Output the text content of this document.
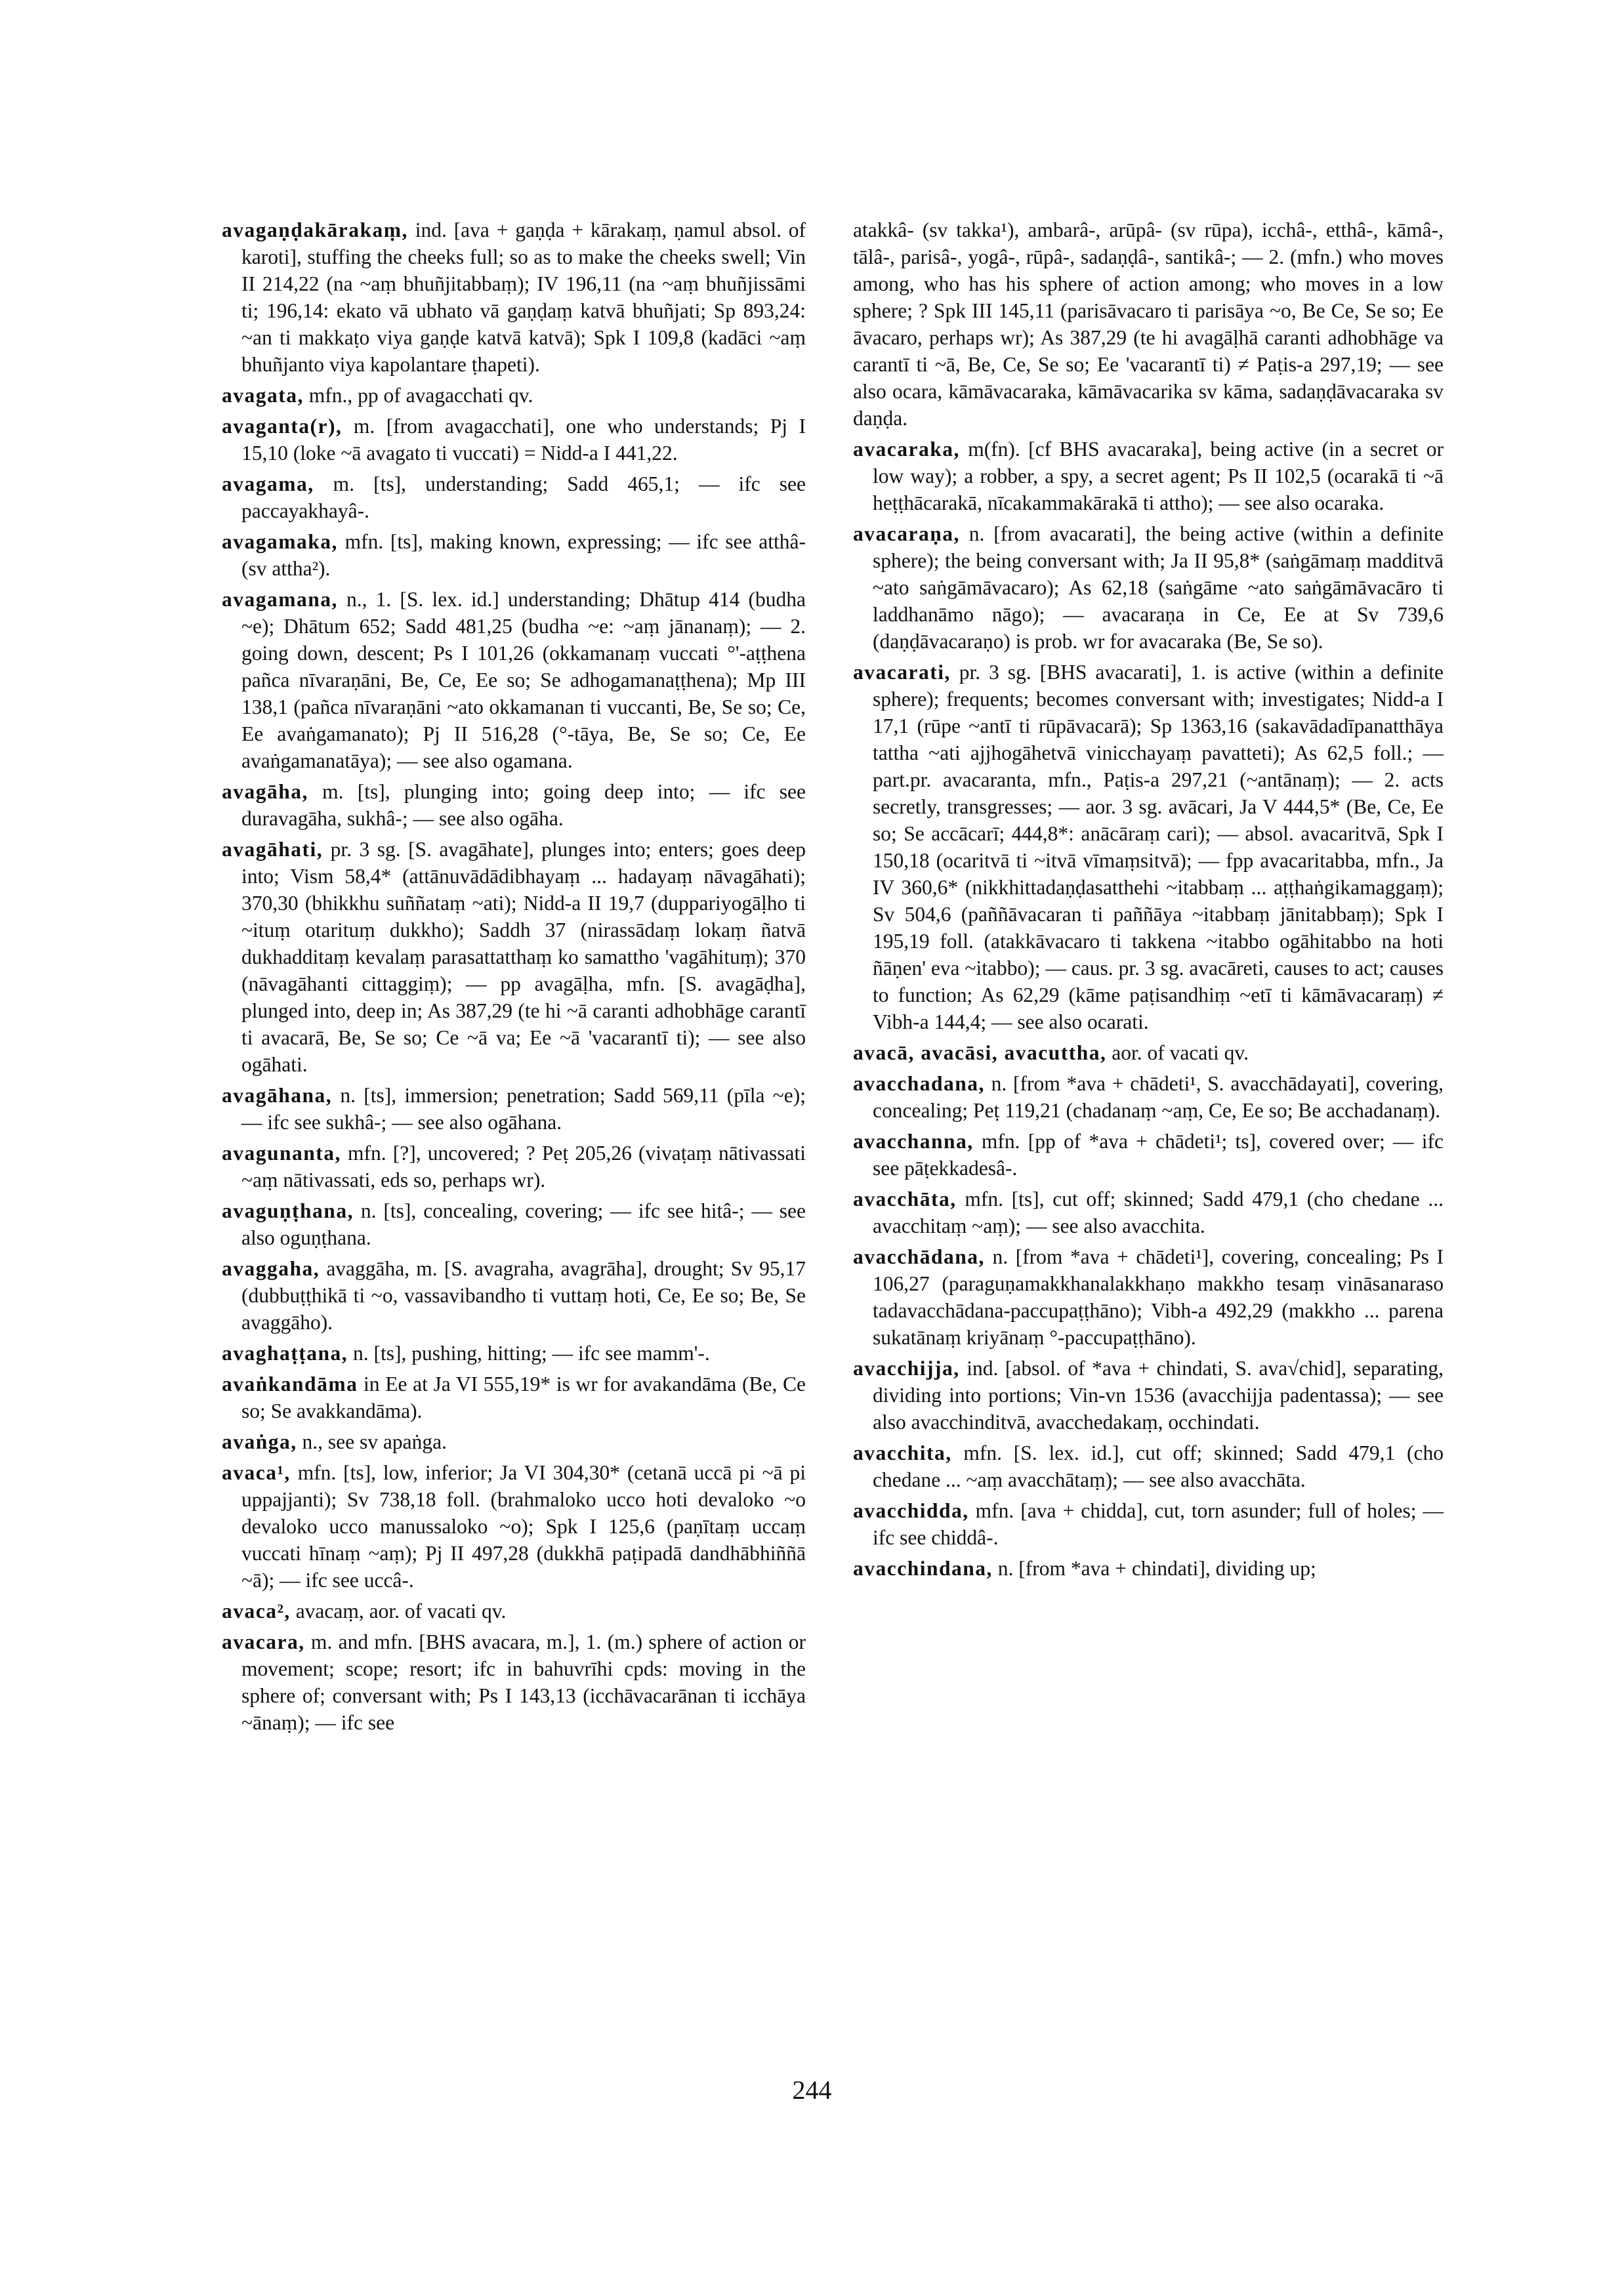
avagaṇḍakārakaṃ, ind. [ava + gaṇḍa + kārakaṃ, ṇamul absol. of karoti], stuffing the cheeks full; so as to make the cheeks swell; Vin II 214,22 (na ~aṃ bhuñjitabbaṃ); IV 196,11 (na ~aṃ bhuñjissāmi ti; 196,14: ekato vā ubhato vā gaṇḍaṃ katvā bhuñjati; Sp 893,24: ~an ti makkaṭo viya gaṇḍe katvā katvā); Spk I 109,8 (kadāci ~aṃ bhuñjanto viya kapolantare ṭhapeti).

avagata, mfn., pp of avagacchati qv.

avaganta(r), m. [from avagacchati], one who understands; Pj I 15,10 (loke ~ā avagato ti vuccati) = Nidd-a I 441,22.

avagama, m. [ts], understanding; Sadd 465,1; — ifc see paccayakhayâ-.

avagamaka, mfn. [ts], making known, expressing; — ifc see atthâ- (sv attha²).

avagamana, n., 1. [S. lex. id.] understanding; Dhātup 414 (budha ~e); Dhātum 652; Sadd 481,25 (budha ~e: ~aṃ jānanaṃ); — 2. going down, descent; Ps I 101,26 (okkamanaṃ vuccati °'-aṭṭhena pañca nīvaraṇāni, Be, Ce, Ee so; Se adhogamanaṭṭhena); Mp III 138,1 (pañca nīvaraṇāni ~ato okkamanan ti vuccanti, Be, Se so; Ce, Ee avaṅgamanato); Pj II 516,28 (°-tāya, Be, Se so; Ce, Ee avaṅgamanatāya); — see also ogamana.

avagāha, m. [ts], plunging into; going deep into; — ifc see duravagāha, sukhâ-; — see also ogāha.

avagāhati, pr. 3 sg. [S. avagāhate], plunges into; enters; goes deep into; Vism 58,4* (attānuvādādibhayaṃ ... hadayaṃ nāvagāhati); 370,30 (bhikkhu suññataṃ ~ati); Nidd-a II 19,7 (duppariyogāḷho ti ~ituṃ otarituṃ dukkho); Saddh 37 (nirassādaṃ lokaṃ ñatvā dukhadditaṃ kevalaṃ parasattatthaṃ ko samattho 'vagāhituṃ); 370 (nāvagāhanti cittaggiṃ); — pp avagāḷha, mfn. [S. avagāḍha], plunged into, deep in; As 387,29 (te hi ~ā caranti adhobhāge carantī ti avacarā, Be, Se so; Ce ~ā va; Ee ~ā 'vacarantī ti); — see also ogāhati.

avagāhana, n. [ts], immersion; penetration; Sadd 569,11 (pīla ~e); — ifc see sukhâ-; — see also ogāhana.

avagunanta, mfn. [?], uncovered; ? Peṭ 205,26 (vivaṭaṃ nātivassati ~aṃ nātivassati, eds so, perhaps wr).

avaguṇṭhana, n. [ts], concealing, covering; — ifc see hitâ-; — see also oguṇṭhana.

avaggaha, avaggāha, m. [S. avagraha, avagrāha], drought; Sv 95,17 (dubbuṭṭhikā ti ~o, vassavibandho ti vuttaṃ hoti, Ce, Ee so; Be, Se avaggāho).

avaghaṭṭana, n. [ts], pushing, hitting; — ifc see mamm'-.

avaṅkandāma in Ee at Ja VI 555,19* is wr for avakandāma (Be, Ce so; Se avakkandāma).

avaṅga, n., see sv apaṅga.

avaca¹, mfn. [ts], low, inferior; Ja VI 304,30* (cetanā uccā pi ~ā pi uppajjanti); Sv 738,18 foll. (brahmaloko ucco hoti devaloko ~o devaloko ucco manussaloko ~o); Spk I 125,6 (paṇītaṃ uccaṃ vuccati hīnaṃ ~aṃ); Pj II 497,28 (dukkhā paṭipadā dandhābhiññā ~ā); — ifc see uccâ-.

avaca², avacaṃ, aor. of vacati qv.

avacara, m. and mfn. [BHS avacara, m.], 1. (m.) sphere of action or movement; scope; resort; ifc in bahuvrīhi cpds: moving in the sphere of; conversant with; Ps I 143,13 (icchāvacarānan ti icchāya ~ānaṃ); — ifc see

atakkâ- (sv takka¹), ambarâ-, arūpâ- (sv rūpa), icchâ-, etthâ-, kāmâ-, tālâ-, parisâ-, yogâ-, rūpâ-, sadaṇḍâ-, santikâ-; — 2. (mfn.) who moves among, who has his sphere of action among; who moves in a low sphere; ? Spk III 145,11 (parisāvacaro ti parisāya ~o, Be Ce, Se so; Ee āvacaro, perhaps wr); As 387,29 (te hi avagāḷhā caranti adhobhāge va carantī ti ~ā, Be, Ce, Se so; Ee 'vacarantī ti) ≠ Paṭis-a 297,19; — see also ocara, kāmāvacaraka, kāmāvacarika sv kāma, sadaṇḍāvacaraka sv daṇḍa.

avacaraka, m(fn). [cf BHS avacaraka], being active (in a secret or low way); a robber, a spy, a secret agent; Ps II 102,5 (ocarakā ti ~ā heṭṭhācarakā, nīcakammakārakā ti attho); — see also ocaraka.

avacaraṇa, n. [from avacarati], the being active (within a definite sphere); the being conversant with; Ja II 95,8* (saṅgāmaṃ madditvā ~ato saṅgāmāvacaro); As 62,18 (saṅgāme ~ato saṅgāmāvacāro ti laddhanāmo nāgo); — avacaraṇa in Ce, Ee at Sv 739,6 (daṇḍāvacaraṇo) is prob. wr for avacaraka (Be, Se so).

avacarati, pr. 3 sg. [BHS avacarati], 1. is active (within a definite sphere); frequents; becomes conversant with; investigates; Nidd-a I 17,1 (rūpe ~antī ti rūpāvacarā); Sp 1363,16 (sakavādadīpanatthāya tattha ~ati ajjhogāhetvā vinicchayaṃ pavatteti); As 62,5 foll.; — part.pr. avacaranta, mfn., Paṭis-a 297,21 (~antānaṃ); — 2. acts secretly, transgresses; — aor. 3 sg. avācari, Ja V 444,5* (Be, Ce, Ee so; Se accācarī; 444,8*: anācāraṃ cari); — absol. avacaritvā, Spk I 150,18 (ocaritvā ti ~itvā vīmaṃsitvā); — fpp avacaritabba, mfn., Ja IV 360,6* (nikkhittadaṇḍasatthehi ~itabbaṃ ... aṭṭhaṅgikamaggaṃ); Sv 504,6 (paññāvacaran ti paññāya ~itabbaṃ jānitabbaṃ); Spk I 195,19 foll. (atakkāvacaro ti takkena ~itabbo ogāhitabbo na hoti ñāṇen' eva ~itabbo); — caus. pr. 3 sg. avacāreti, causes to act; causes to function; As 62,29 (kāme paṭisandhiṃ ~etī ti kāmāvacaraṃ) ≠ Vibh-a 144,4; — see also ocarati.

avacā, avacāsi, avacuttha, aor. of vacati qv.

avacchadana, n. [from *ava + chādeti¹, S. avacchādayati], covering, concealing; Peṭ 119,21 (chadanaṃ ~aṃ, Ce, Ee so; Be acchadanaṃ).

avacchanna, mfn. [pp of *ava + chādeti¹; ts], covered over; — ifc see pāṭekkadesâ-.

avacchāta, mfn. [ts], cut off; skinned; Sadd 479,1 (cho chedane ... avacchitaṃ ~aṃ); — see also avacchita.

avacchādana, n. [from *ava + chādeti¹], covering, concealing; Ps I 106,27 (paraguṇamakkhanalakkhaṇo makkho tesaṃ vināsanaraso tadavacchādana-paccupaṭṭhāno); Vibh-a 492,29 (makkho ... parena sukatānaṃ kriyānaṃ °-paccupaṭṭhāno).

avacchijja, ind. [absol. of *ava + chindati, S. ava√chid], separating, dividing into portions; Vin-vn 1536 (avacchijja padentassa); — see also avacchinditvā, avacchedakaṃ, occhindati.

avacchita, mfn. [S. lex. id.], cut off; skinned; Sadd 479,1 (cho chedane ... ~aṃ avacchātaṃ); — see also avacchāta.

avacchidda, mfn. [ava + chidda], cut, torn asunder; full of holes; — ifc see chiddâ-.

avacchindana, n. [from *ava + chindati], dividing up;

244
